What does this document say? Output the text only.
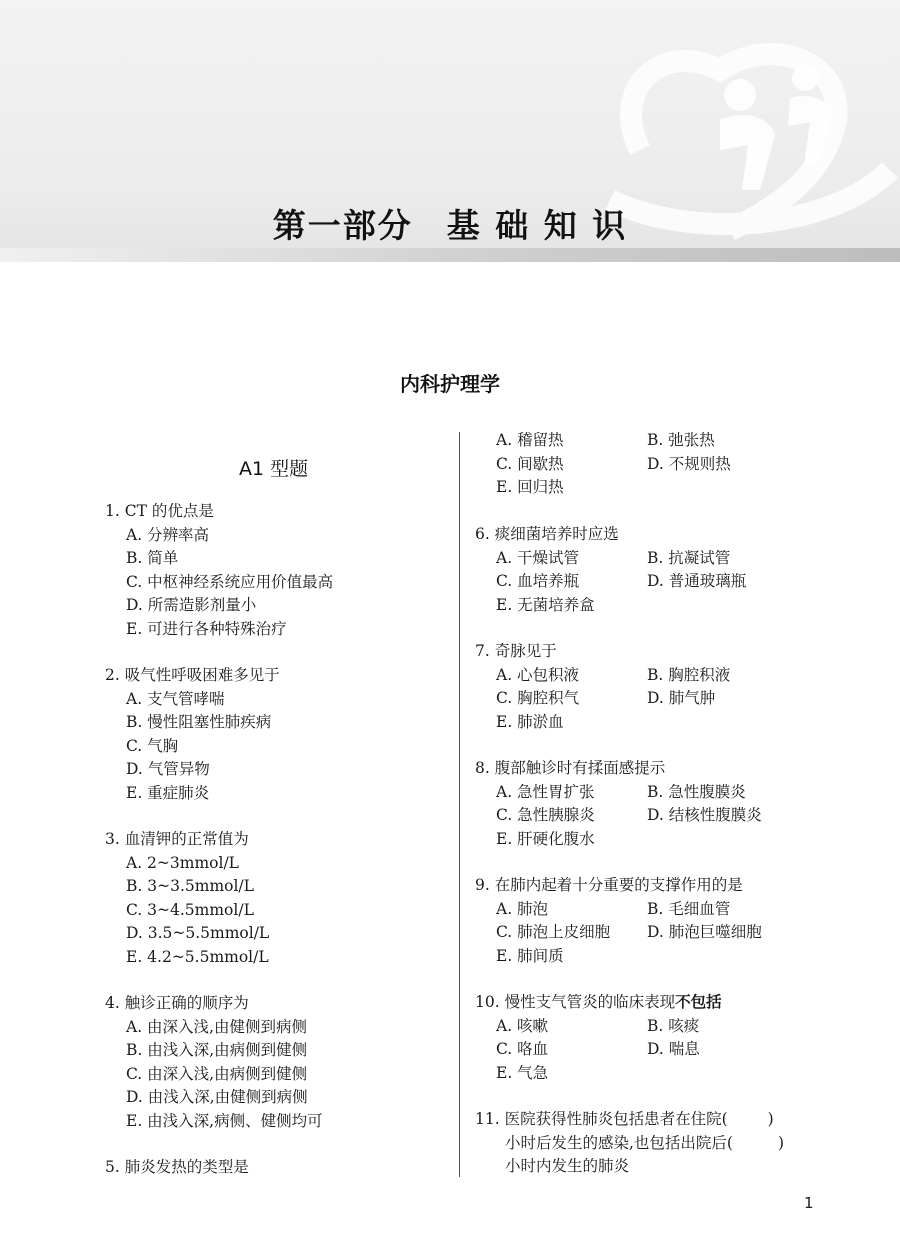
第一部分 基 础 知 识
内科护理学
A1 型题
1. CT 的优点是
A. 分辨率高
B. 简单
C. 中枢神经系统应用价值最高
D. 所需造影剂量小
E. 可进行各种特殊治疗
2. 吸气性呼吸困难多见于
A. 支气管哮喘
B. 慢性阻塞性肺疾病
C. 气胸
D. 气管异物
E. 重症肺炎
3. 血清钾的正常值为
A. 2~3mmol/L
B. 3~3.5mmol/L
C. 3~4.5mmol/L
D. 3.5~5.5mmol/L
E. 4.2~5.5mmol/L
4. 触诊正确的顺序为
A. 由深入浅,由健侧到病侧
B. 由浅入深,由病侧到健侧
C. 由深入浅,由病侧到健侧
D. 由浅入深,由健侧到病侧
E. 由浅入深,病侧、健侧均可
5. 肺炎发热的类型是
A. 稽留热	B. 弛张热
C. 间歇热	D. 不规则热
E. 回归热
6. 痰细菌培养时应选
A. 干燥试管	B. 抗凝试管
C. 血培养瓶	D. 普通玻璃瓶
E. 无菌培养盒
7. 奇脉见于
A. 心包积液	B. 胸腔积液
C. 胸腔积气	D. 肺气肿
E. 肺淤血
8. 腹部触诊时有揉面感提示
A. 急性胃扩张	B. 急性腹膜炎
C. 急性胰腺炎	D. 结核性腹膜炎
E. 肝硬化腹水
9. 在肺内起着十分重要的支撑作用的是
A. 肺泡	B. 毛细血管
C. 肺泡上皮细胞	D. 肺泡巨噬细胞
E. 肺间质
10. 慢性支气管炎的临床表现不包括
A. 咳嗽	B. 咳痰
C. 咯血	D. 喘息
E. 气急
11. 医院获得性肺炎包括患者在住院(	)
小时后发生的感染,也包括出院后(	)
小时内发生的肺炎
1
